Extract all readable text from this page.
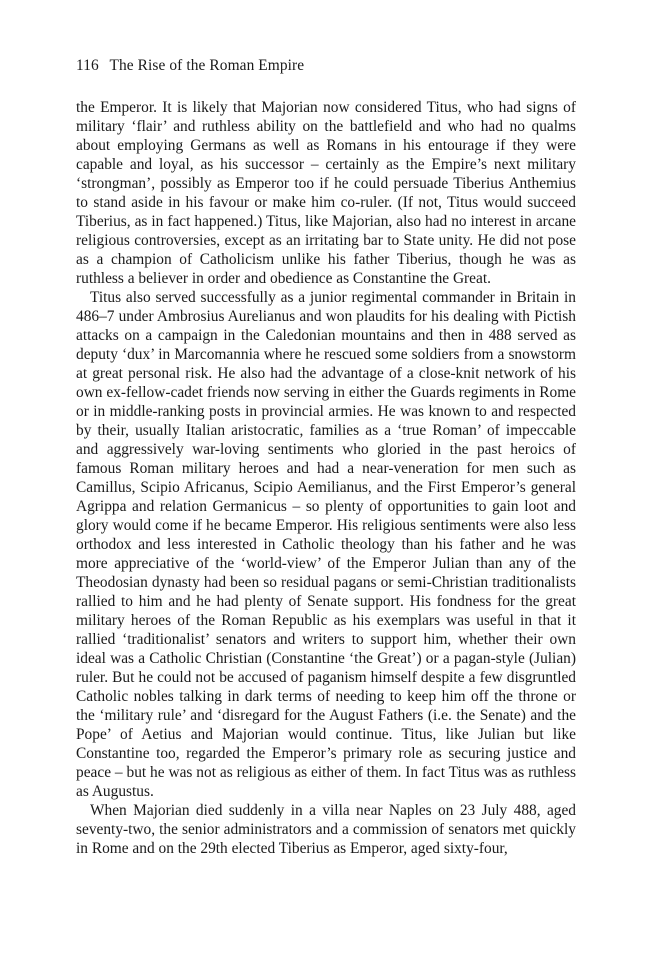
116 The Rise of the Roman Empire

the Emperor. It is likely that Majorian now considered Titus, who had signs of military ‘flair’ and ruthless ability on the battlefield and who had no qualms about employing Germans as well as Romans in his entourage if they were capable and loyal, as his successor – certainly as the Empire’s next military ‘strongman’, possibly as Emperor too if he could persuade Tiberius Anthemius to stand aside in his favour or make him co-ruler. (If not, Titus would succeed Tiberius, as in fact happened.) Titus, like Majorian, also had no interest in arcane religious controversies, except as an irritating bar to State unity. He did not pose as a champion of Catholicism unlike his father Tiberius, though he was as ruthless a believer in order and obedience as Constantine the Great.

Titus also served successfully as a junior regimental commander in Britain in 486–7 under Ambrosius Aurelianus and won plaudits for his dealing with Pictish attacks on a campaign in the Caledonian mountains and then in 488 served as deputy ‘dux’ in Marcomannia where he rescued some soldiers from a snowstorm at great personal risk. He also had the advantage of a close-knit network of his own ex-fellow-cadet friends now serving in either the Guards regiments in Rome or in middle-ranking posts in provincial armies. He was known to and respected by their, usually Italian aristocratic, families as a ‘true Roman’ of impeccable and aggressively war-loving sentiments who gloried in the past heroics of famous Roman military heroes and had a near-veneration for men such as Camillus, Scipio Africanus, Scipio Aemilianus, and the First Emperor’s general Agrippa and relation Germanicus – so plenty of opportunities to gain loot and glory would come if he became Emperor. His religious sentiments were also less orthodox and less interested in Catholic theology than his father and he was more appreciative of the ‘world-view’ of the Emperor Julian than any of the Theodosian dynasty had been so residual pagans or semi-Christian traditionalists rallied to him and he had plenty of Senate support. His fondness for the great military heroes of the Roman Republic as his exemplars was useful in that it rallied ‘traditionalist’ senators and writers to support him, whether their own ideal was a Catholic Christian (Constantine ‘the Great’) or a pagan-style (Julian) ruler. But he could not be accused of paganism himself despite a few disgruntled Catholic nobles talking in dark terms of needing to keep him off the throne or the ‘military rule’ and ‘disregard for the August Fathers (i.e. the Senate) and the Pope’ of Aetius and Majorian would continue. Titus, like Julian but like Constantine too, regarded the Emperor’s primary role as securing justice and peace – but he was not as religious as either of them. In fact Titus was as ruthless as Augustus.

When Majorian died suddenly in a villa near Naples on 23 July 488, aged seventy-two, the senior administrators and a commission of senators met quickly in Rome and on the 29th elected Tiberius as Emperor, aged sixty-four,
